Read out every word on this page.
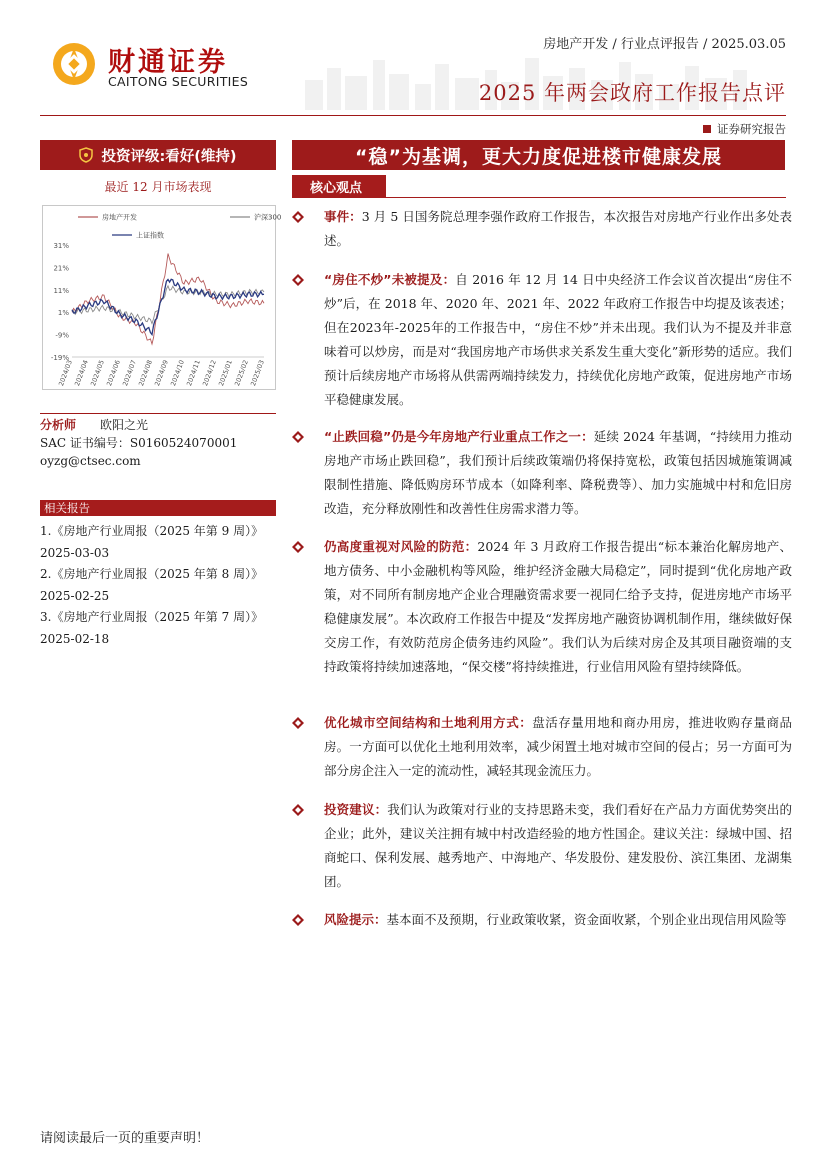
财通证券
CAITONG SECURITIES
房地产开发 / 行业点评报告 / 2025.03.05
2025 年两会政府工作报告点评
证券研究报告
投资评级:看好(维持)
最近 12 月市场表现
31%
21%
11%
1%
-9%
-19%
2024/03 2024/04 2024/05 2024/06 2024/07 2024/08 2024/09 2024/10 2024/11 2024/12 2025/01 2025/02 2025/03
房地产开发	沪深300
上证指数
分析师 欧阳之光
SAC 证书编号：S0160524070001
oyzg@ctsec.com
相关报告
1.《房地产行业周报（2025 年第 9 周）》
2025-03-03
2.《房地产行业周报（2025 年第 8 周）》
2025-02-25
3.《房地产行业周报（2025 年第 7 周）》
2025-02-18
“稳”为基调，更大力度促进楼市健康发展
核心观点
事件：3 月 5 日国务院总理李强作政府工作报告，本次报告对房地产行业作出多处表述。
“房住不炒”未被提及：自 2016 年 12 月 14 日中央经济工作会议首次提出“房住不炒”后，在 2018 年、2020 年、2021 年、2022 年政府工作报告中均提及该表述；但在2023年-2025年的工作报告中，“房住不炒”并未出现。我们认为不提及并非意味着可以炒房，而是对“我国房地产市场供求关系发生重大变化”新形势的适应。我们预计后续房地产市场将从供需两端持续发力，持续优化房地产政策，促进房地产市场平稳健康发展。
“止跌回稳”仍是今年房地产行业重点工作之一：延续 2024 年基调，“持续用力推动房地产市场止跌回稳”，我们预计后续政策端仍将保持宽松，政策包括因城施策调减限制性措施、降低购房环节成本（如降利率、降税费等）、加力实施城中村和危旧房改造，充分释放刚性和改善性住房需求潜力等。
仍高度重视对风险的防范：2024 年 3 月政府工作报告提出“标本兼治化解房地产、地方债务、中小金融机构等风险，维护经济金融大局稳定”，同时提到“优化房地产政策，对不同所有制房地产企业合理融资需求要一视同仁给予支持，促进房地产市场平稳健康发展”。本次政府工作报告中提及“发挥房地产融资协调机制作用，继续做好保交房工作，有效防范房企债务违约风险”。我们认为后续对房企及其项目融资端的支持政策将持续加速落地，“保交楼”将持续推进，行业信用风险有望持续降低。
优化城市空间结构和土地利用方式：盘活存量用地和商办用房，推进收购存量商品房。一方面可以优化土地利用效率，减少闲置土地对城市空间的侵占；另一方面可为部分房企注入一定的流动性，减轻其现金流压力。
投资建议：我们认为政策对行业的支持思路未变，我们看好在产品力方面优势突出的企业；此外，建议关注拥有城中村改造经验的地方性国企。建议关注：绿城中国、招商蛇口、保利发展、越秀地产、中海地产、华发股份、建发股份、滨江集团、龙湖集团。
风险提示：基本面不及预期，行业政策收紧，资金面收紧，个别企业出现信用风险等
请阅读最后一页的重要声明！
